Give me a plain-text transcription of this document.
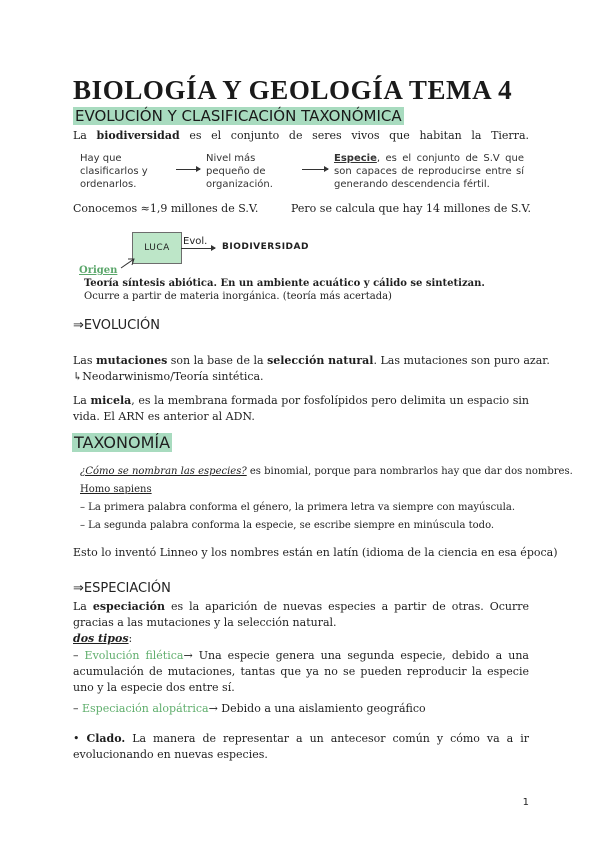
BIOLOGÍA Y GEOLOGÍA TEMA 4
EVOLUCIÓN Y CLASIFICACIÓN TAXONÓMICA
La biodiversidad es el conjunto de seres vivos que habitan la Tierra.
Hay que clasificarlos y ordenarlos.
Nivel más pequeño de organización.
Especie, es el conjunto de S.V que son capaces de reproducirse entre sí generando descendencia fértil.
Conocemos ≈1,9 millones de S.V.	Pero se calcula que hay 14 millones de S.V.
LUCA
Evol. BIODIVERSIDAD
Origen
Teoría síntesis abiótica. En un ambiente acuático y cálido se sintetizan. Ocurre a partir de materia inorgánica. (teoría más acertada)
⇒EVOLUCIÓN
Las mutaciones son la base de la selección natural. Las mutaciones son puro azar.
↳Neodarwinismo/Teoría sintética.
La micela, es la membrana formada por fosfolípidos pero delimita un espacio sin vida. El ARN es anterior al ADN.
TAXONOMÍA
¿Cómo se nombran las especies? es binomial, porque para nombrarlos hay que dar dos nombres.
Homo sapiens
– La primera palabra conforma el género, la primera letra va siempre con mayúscula.
– La segunda palabra conforma la especie, se escribe siempre en minúscula todo.
Esto lo inventó Linneo y los nombres están en latín (idioma de la ciencia en esa época)
⇒ESPECIACIÓN
La especiación es la aparición de nuevas especies a partir de otras. Ocurre gracias a las mutaciones y la selección natural.
dos tipos:
– Evolución filética→ Una especie genera una segunda especie, debido a una acumulación de mutaciones, tantas que ya no se pueden reproducir la especie uno y la especie dos entre sí.
– Especiación alopátrica→ Debido a una aislamiento geográfico
• Clado. La manera de representar a un antecesor común y cómo va a ir evolucionando en nuevas especies.
1
